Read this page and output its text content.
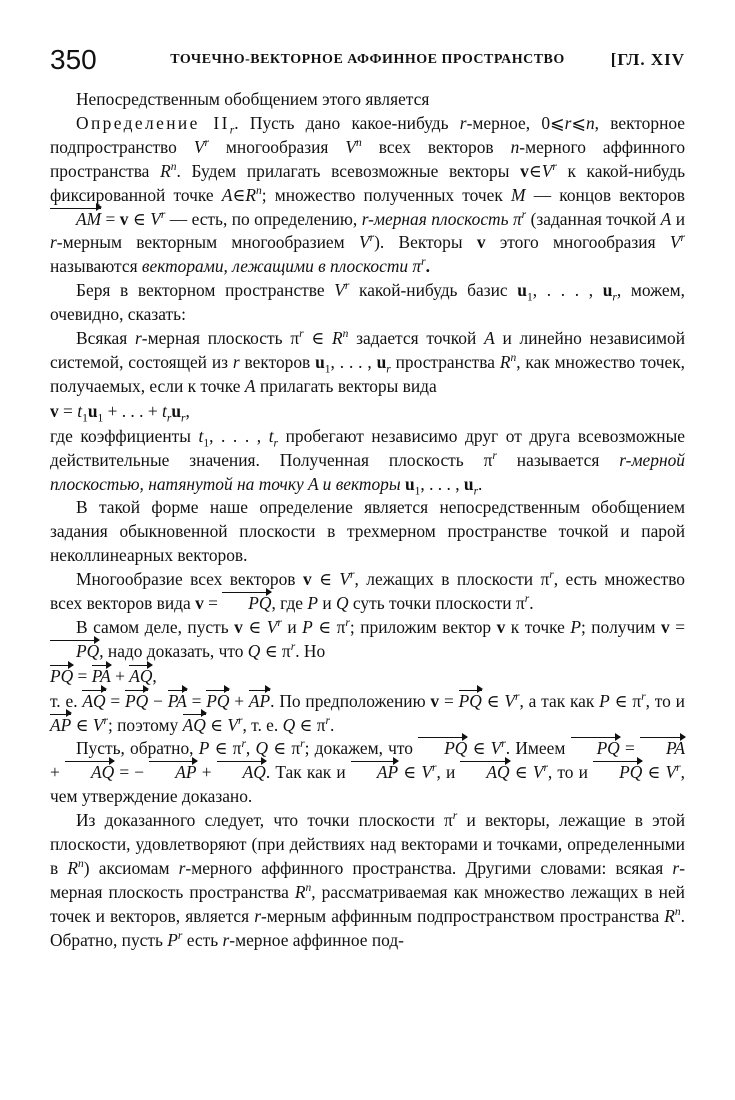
350	ТОЧЕЧНО-ВЕКТОРНОЕ АФФИННОЕ ПРОСТРАНСТВО	[ГЛ. XIV

Непосредственным обобщением этого является

Определение $II_r$. Пусть дано какое-нибудь r-мерное, 0⩽r⩽n, векторное подпространство $V^r$ многообразия $V^n$ всех векторов n-мерного аффинного пространства $R^n$. Будем прилагать всевозможные векторы $v\in V^r$ к какой-нибудь фиксированной точке $A\in R^n$; множество полученных точек M — концов векторов AM = v ∈ $V^r$ — есть, по определению, r-мерная плоскость $\pi^r$ (заданная точкой A и r-мерным векторным многообразием $V^r$). Векторы v этого многообразия $V^r$ называются векторами, лежащими в плоскости $\pi^r$.

Беря в векторном пространстве $V^r$ какой-нибудь базис $u_1$, . . . , $u_r$, можем, очевидно, сказать:

Всякая r-мерная плоскость $\pi^r$ ∈ $R^n$ задается точкой A и линейно независимой системой, состоящей из r векторов $u_1$, . . . , $u_r$ пространства $R^n$, как множество точек, получаемых, если к точке A прилагать векторы вида

$v = t_1u_1$ + . . . + $t_ru_r$,

где коэффициенты $t_1$, . . . , $t_r$ пробегают независимо друг от друга всевозможные действительные значения. Полученная плоскость $\pi^r$ называется r-мерной плоскостью, натянутой на точку A и векторы $u_1$, . . . , $u_r$.

В такой форме наше определение является непосредственным обобщением задания обыкновенной плоскости в трехмерном пространстве точкой и парой неколлинеарных векторов.

Многообразие всех векторов v ∈ $V^r$, лежащих в плоскости $\pi^r$, есть множество всех векторов вида v = PQ, где P и Q суть точки плоскости $\pi^r$.

В самом деле, пусть v ∈ $V^r$ и P ∈ $\pi^r$; приложим вектор v к точке P; получим v = PQ, надо доказать, что Q ∈ $\pi^r$. Но

PQ = PA + AQ,

т. е. AQ = PQ − PA = PQ + AP. По предположению v = PQ ∈ $V^r$, а так как P ∈ $\pi^r$, то и AP ∈ $V^r$; поэтому AQ ∈ $V^r$, т. е. Q ∈ $\pi^r$.

Пусть, обратно, P ∈ $\pi^r$, Q ∈ $\pi^r$; докажем, что PQ ∈ $V^r$. Имеем PQ = PA + AQ = − AP + AQ. Так как и AP ∈ $V^r$, и AQ ∈ $V^r$, то и PQ ∈ $V^r$, чем утверждение доказано.

Из доказанного следует, что точки плоскости $\pi^r$ и векторы, лежащие в этой плоскости, удовлетворяют (при действиях над векторами и точками, определенными в $R^n$) аксиомам r-мерного аффинного пространства. Другими словами: всякая r-мерная плоскость пространства $R^n$, рассматриваемая как множество лежащих в ней точек и векторов, является r-мерным аффинным подпространством пространства $R^n$. Обратно, пусть $P^r$ есть r-мерное аффинное под-
